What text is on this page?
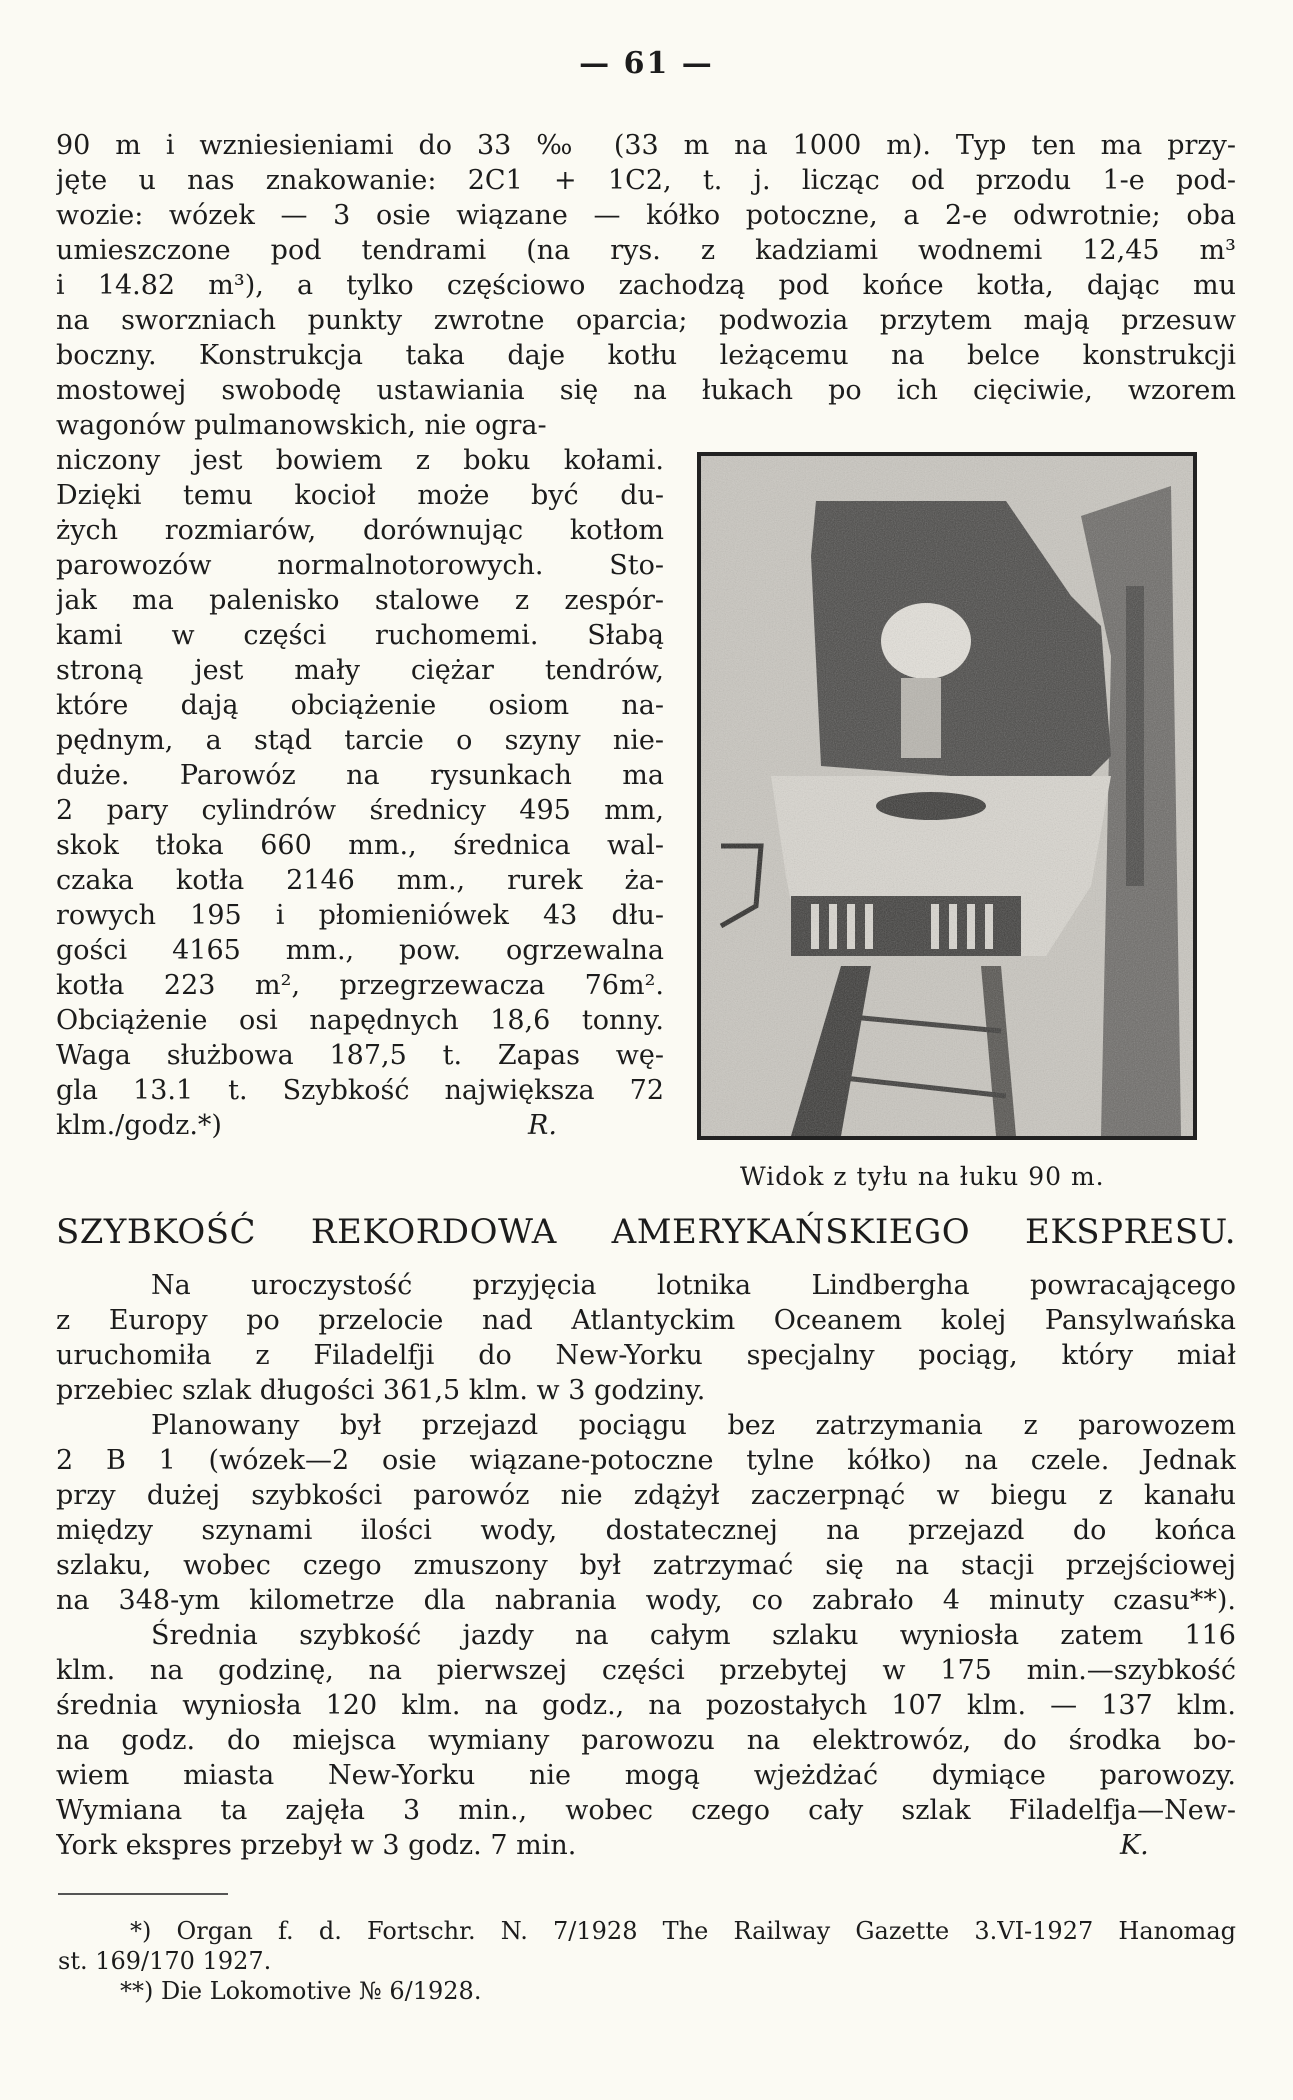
— 61 —
90 m i wzniesieniami do 33 ‰ (33 m na 1000 m). Typ ten ma przy-
jęte u nas znakowanie: 2C1 + 1C2, t. j. licząc od przodu 1-e pod-
wozie: wózek — 3 osie wiązane — kółko potoczne, a 2-e odwrotnie; oba
umieszczone pod tendrami (na rys. z kadziami wodnemi 12,45 m³
i 14.82 m³), a tylko częściowo zachodzą pod końce kotła, dając mu
na sworzniach punkty zwrotne oparcia; podwozia przytem mają przesuw
boczny. Konstrukcja taka daje kotłu leżącemu na belce konstrukcji
mostowej swobodę ustawiania się na łukach po ich cięciwie, wzorem
wagonów pulmanowskich, nie ogra-
niczony jest bowiem z boku kołami.
Dzięki temu kocioł może być du-
żych rozmiarów, dorównując kotłom
parowozów normalnotorowych. Sto-
jak ma palenisko stalowe z zespór-
kami w części ruchomemi. Słabą
stroną jest mały ciężar tendrów,
które dają obciążenie osiom na-
pędnym, a stąd tarcie o szyny nie-
duże. Parowóz na rysunkach ma
2 pary cylindrów średnicy 495 mm,
skok tłoka 660 mm., średnica wal-
czaka kotła 2146 mm., rurek ża-
rowych 195 i płomieniówek 43 dłu-
gości 4165 mm., pow. ogrzewalna
kotła 223 m², przegrzewacza 76m².
Obciążenie osi napędnych 18,6 tonny.
Waga służbowa 187,5 t. Zapas wę-
gla 13.1 t. Szybkość największa 72
klm./godz.*)	R.
Widok z tyłu na łuku 90 m.
SZYBKOŚĆ REKORDOWA AMERYKAŃSKIEGO EKSPRESU.
Na uroczystość przyjęcia lotnika Lindbergha powracającego
z Europy po przelocie nad Atlantyckim Oceanem kolej Pansylwańska
uruchomiła z Filadelfji do New-Yorku specjalny pociąg, który miał
przebiec szlak długości 361,5 klm. w 3 godziny.
Planowany był przejazd pociągu bez zatrzymania z parowozem
2 B 1 (wózek—2 osie wiązane-potoczne tylne kółko) na czele. Jednak
przy dużej szybkości parowóz nie zdążył zaczerpnąć w biegu z kanału
między szynami ilości wody, dostatecznej na przejazd do końca
szlaku, wobec czego zmuszony był zatrzymać się na stacji przejściowej
na 348-ym kilometrze dla nabrania wody, co zabrało 4 minuty czasu**).
Średnia szybkość jazdy na całym szlaku wyniosła zatem 116
klm. na godzinę, na pierwszej części przebytej w 175 min.—szybkość
średnia wyniosła 120 klm. na godz., na pozostałych 107 klm. — 137 klm.
na godz. do miejsca wymiany parowozu na elektrowóz, do środka bo-
wiem miasta New-Yorku nie mogą wjeżdżać dymiące parowozy.
Wymiana ta zajęła 3 min., wobec czego cały szlak Filadelfja—New-
York ekspres przebył w 3 godz. 7 min.	K.
*) Organ f. d. Fortschr. N. 7/1928 The Railway Gazette 3.VI-1927 Hanomag
st. 169/170 1927.
**) Die Lokomotive № 6/1928.
